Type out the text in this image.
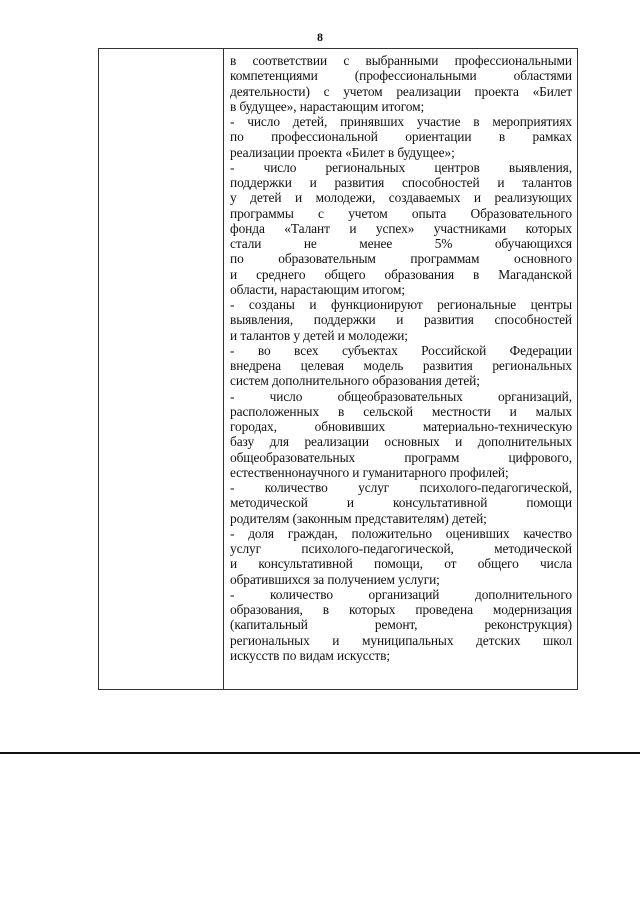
8
в соответствии с выбранными профессиональными
компетенциями (профессиональными областями
деятельности) с учетом реализации проекта «Билет
в будущее», нарастающим итогом;
- число детей, принявших участие в мероприятиях
по профессиональной ориентации в рамках
реализации проекта «Билет в будущее»;
- число региональных центров выявления,
поддержки и развития способностей и талантов
у детей и молодежи, создаваемых и реализующих
программы с учетом опыта Образовательного
фонда «Талант и успех» участниками которых
стали не менее 5% обучающихся
по образовательным программам основного
и среднего общего образования в Магаданской
области, нарастающим итогом;
- созданы и функционируют региональные центры
выявления, поддержки и развития способностей
и талантов у детей и молодежи;
- во всех субъектах Российской Федерации
внедрена целевая модель развития региональных
систем дополнительного образования детей;
- число общеобразовательных организаций,
расположенных в сельской местности и малых
городах, обновивших материально-техническую
базу для реализации основных и дополнительных
общеобразовательных программ цифрового,
естественнонаучного и гуманитарного профилей;
- количество услуг психолого-педагогической,
методической и консультативной помощи
родителям (законным представителям) детей;
- доля граждан, положительно оценивших качество
услуг психолого-педагогической, методической
и консультативной помощи, от общего числа
обратившихся за получением услуги;
- количество организаций дополнительного
образования, в которых проведена модернизация
(капитальный ремонт, реконструкция)
региональных и муниципальных детских школ
искусств по видам искусств;
